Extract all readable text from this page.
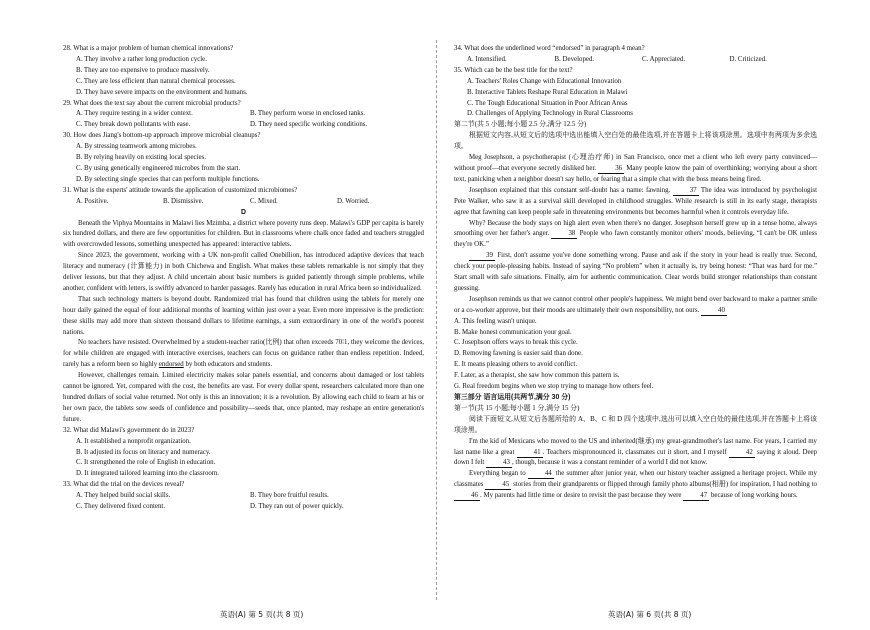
28. What is a major problem of human chemical innovations?
A. They involve a rather long production cycle.
B. They are too expensive to produce massively.
C. They are less efficient than natural chemical processes.
D. They have severe impacts on the environment and humans.
29. What does the text say about the current microbial products?
A. They require testing in a wider context.	B. They perform worse in enclosed tanks.
C. They break down pollutants with ease.	D. They need specific working conditions.
30. How does Jiang's bottom-up approach improve microbial cleanups?
A. By stressing teamwork among microbes.
B. By relying heavily on existing local species.
C. By using genetically engineered microbes from the start.
D. By selecting single species that can perform multiple functions.
31. What is the experts' attitude towards the application of customized microbiomes?
A. Positive.	B. Dismissive.	C. Mixed.	D. Worried.
D

Beneath the Viphya Mountains in Malawi lies Mzimba, a district where poverty runs deep. Malawi's GDP per capita is barely six hundred dollars, and there are few opportunities for children. But in classrooms where chalk once faded and teachers struggled with overcrowded lessons, something unexpected has appeared: interactive tablets.

Since 2023, the government, working with a UK non-profit called Onebillion, has introduced adaptive devices that teach literacy and numeracy (计算能力) in both Chichewa and English. What makes these tablets remarkable is not simply that they deliver lessons, but that they adjust. A child uncertain about basic numbers is guided patiently through simple problems, while another, confident with letters, is swiftly advanced to harder passages. Rarely has education in rural Africa been so individualized.

That such technology matters is beyond doubt. Randomized trial has found that children using the tablets for merely one hour daily gained the equal of four additional months of learning within just over a year. Even more impressive is the prediction: these skills may add more than sixteen thousand dollars to lifetime earnings, a sum extraordinary in one of the world's poorest nations.

No teachers have resisted. Overwhelmed by a student-teacher ratio(比例) that often exceeds 70∶1, they welcome the devices, for while children are engaged with interactive exercises, teachers can focus on guidance rather than endless repetition. Indeed, rarely has a reform been so highly endorsed by both educators and students.

However, challenges remain. Limited electricity makes solar panels essential, and concerns about damaged or lost tablets cannot be ignored. Yet, compared with the cost, the benefits are vast. For every dollar spent, researchers calculated more than one hundred dollars of social value returned. Not only is this an innovation; it is a revolution. By allowing each child to learn at his or her own pace, the tablets sow seeds of confidence and possibility—seeds that, once planted, may reshape an entire generation's future.

32. What did Malawi's government do in 2023?
A. It established a nonprofit organization.
B. It adjusted its focus on literacy and numeracy.
C. It strengthened the role of English in education.
D. It integrated tailored learning into the classroom.
33. What did the trial on the devices reveal?
A. They helped build social skills.	B. They bore fruitful results.
C. They delivered fixed content.	D. They ran out of power quickly.
34. What does the underlined word “endorsed” in paragraph 4 mean?
A. Intensified.	B. Developed.	C. Appreciated.	D. Criticized.
35. Which can be the best title for the text?
A. Teachers' Roles Change with Educational Innovation
B. Interactive Tablets Reshape Rural Education in Malawi
C. The Tough Educational Situation in Poor African Areas
D. Challenges of Applying Technology in Rural Classrooms
第二节(共 5 小题;每小题 2.5 分,满分 12.5 分)

根据短文内容,从短文后的选项中选出能填入空白处的最佳选项,并在答题卡上将该项涂黑。选项中有两项为多余选项。

Meg Josephson, a psychotherapist (心理治疗师) in San Francisco, once met a client who left every party convinced—without proof—that everyone secretly disliked her. 36 Many people know the pain of overthinking; worrying about a short text, panicking when a neighbor doesn't say hello, or fearing that a simple chat with the boss means being fired.

Josephson explained that this constant self-doubt has a name: fawning. 37 The idea was introduced by psychologist Pete Walker, who saw it as a survival skill developed in childhood struggles. While research is still in its early stage, therapists agree that fawning can keep people safe in threatening environments but becomes harmful when it controls everyday life.

Why? Because the body stays on high alert even when there's no danger. Josephson herself grew up in a tense home, always smoothing over her father's anger. 38 People who fawn constantly monitor others' moods, believing, “I can't be OK unless they're OK.”

39 First, don't assume you've done something wrong. Pause and ask if the story in your head is really true. Second, check your people-pleasing habits. Instead of saying “No problem” when it actually is, try being honest: “That was hard for me.” Start small with safe situations. Finally, aim for authentic communication. Clear words build stronger relationships than constant guessing.

Josephson reminds us that we cannot control other people's happiness. We might bend over backward to make a partner smile or a co-worker approve, but their moods are ultimately their own responsibility, not ours. 40

A. This feeling wasn't unique.
B. Make honest communication your goal.
C. Josephson offers ways to break this cycle.
D. Removing fawning is easier said than done.
E. It means pleasing others to avoid conflict.
F. Later, as a therapist, she saw how common this pattern is.
G. Real freedom begins when we stop trying to manage how others feel.
第三部分 语言运用(共两节,满分 30 分)
第一节(共 15 小题;每小题 1 分,满分 15 分)

阅读下面短文,从短文后各题所给的 A、B、C 和 D 四个选项中,选出可以填入空白处的最佳选项,并在答题卡上将该项涂黑。

I'm the kid of Mexicans who moved to the US and inherited(继承) my great-grandmother's last name. For years, I carried my last name like a great 41 . Teachers mispronounced it, classmates cut it short, and I myself 42 saying it aloud. Deep down I felt 43 , though, because it was a constant reminder of a world I did not know.

Everything began to 44 the summer after junior year, when our history teacher assigned a heritage project. While my classmates 45 stories from their grandparents or flipped through family photo albums(相册) for inspiration, I had nothing to 46 . My parents had little time or desire to revisit the past because they were 47 because of long working hours.

英语(A) 第 5 页(共 8 页)	英语(A) 第 6 页(共 8 页)
